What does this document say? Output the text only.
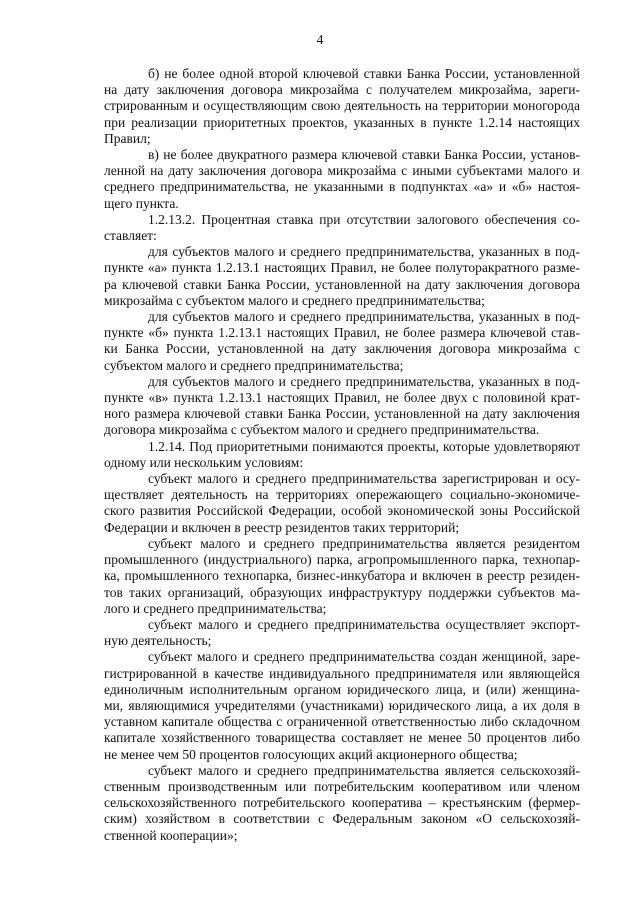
4
б) не более одной второй ключевой ставки Банка России, установленной
на дату заключения договора микрозайма с получателем микрозайма, зареги-
стрированным и осуществляющим свою деятельность на территории моногорода
при реализации приоритетных проектов, указанных в пункте 1.2.14 настоящих
Правил;
в) не более двукратного размера ключевой ставки Банка России, установ-
ленной на дату заключения договора микрозайма с иными субъектами малого и
среднего предпринимательства, не указанными в подпунктах «а» и «б» настоя-
щего пункта.
1.2.13.2. Процентная ставка при отсутствии залогового обеспечения со-
ставляет:
для субъектов малого и среднего предпринимательства, указанных в под-
пункте «а» пункта 1.2.13.1 настоящих Правил, не более полуторакратного разме-
ра ключевой ставки Банка России, установленной на дату заключения договора
микрозайма с субъектом малого и среднего предпринимательства;
для субъектов малого и среднего предпринимательства, указанных в под-
пункте «б» пункта 1.2.13.1 настоящих Правил, не более размера ключевой став-
ки Банка России, установленной на дату заключения договора микрозайма с
субъектом малого и среднего предпринимательства;
для субъектов малого и среднего предпринимательства, указанных в под-
пункте «в» пункта 1.2.13.1 настоящих Правил, не более двух с половиной крат-
ного размера ключевой ставки Банка России, установленной на дату заключения
договора микрозайма с субъектом малого и среднего предпринимательства.
1.2.14. Под приоритетными понимаются проекты, которые удовлетворяют
одному или нескольким условиям:
субъект малого и среднего предпринимательства зарегистрирован и осу-
ществляет деятельность на территориях опережающего социально-экономиче-
ского развития Российской Федерации, особой экономической зоны Российской
Федерации и включен в реестр резидентов таких территорий;
субъект малого и среднего предпринимательства является резидентом
промышленного (индустриального) парка, агропромышленного парка, технопар-
ка, промышленного технопарка, бизнес-инкубатора и включен в реестр резиден-
тов таких организаций, образующих инфраструктуру поддержки субъектов ма-
лого и среднего предпринимательства;
субъект малого и среднего предпринимательства осуществляет экспорт-
ную деятельность;
субъект малого и среднего предпринимательства создан женщиной, заре-
гистрированной в качестве индивидуального предпринимателя или являющейся
единоличным исполнительным органом юридического лица, и (или) женщина-
ми, являющимися учредителями (участниками) юридического лица, а их доля в
уставном капитале общества с ограниченной ответственностью либо складочном
капитале хозяйственного товарищества составляет не менее 50 процентов либо
не менее чем 50 процентов голосующих акций акционерного общества;
субъект малого и среднего предпринимательства является сельскохозяй-
ственным производственным или потребительским кооперативом или членом
сельскохозяйственного потребительского кооператива – крестьянским (фермер-
ским) хозяйством в соответствии с Федеральным законом «О сельскохозяй-
ственной кооперации»;
